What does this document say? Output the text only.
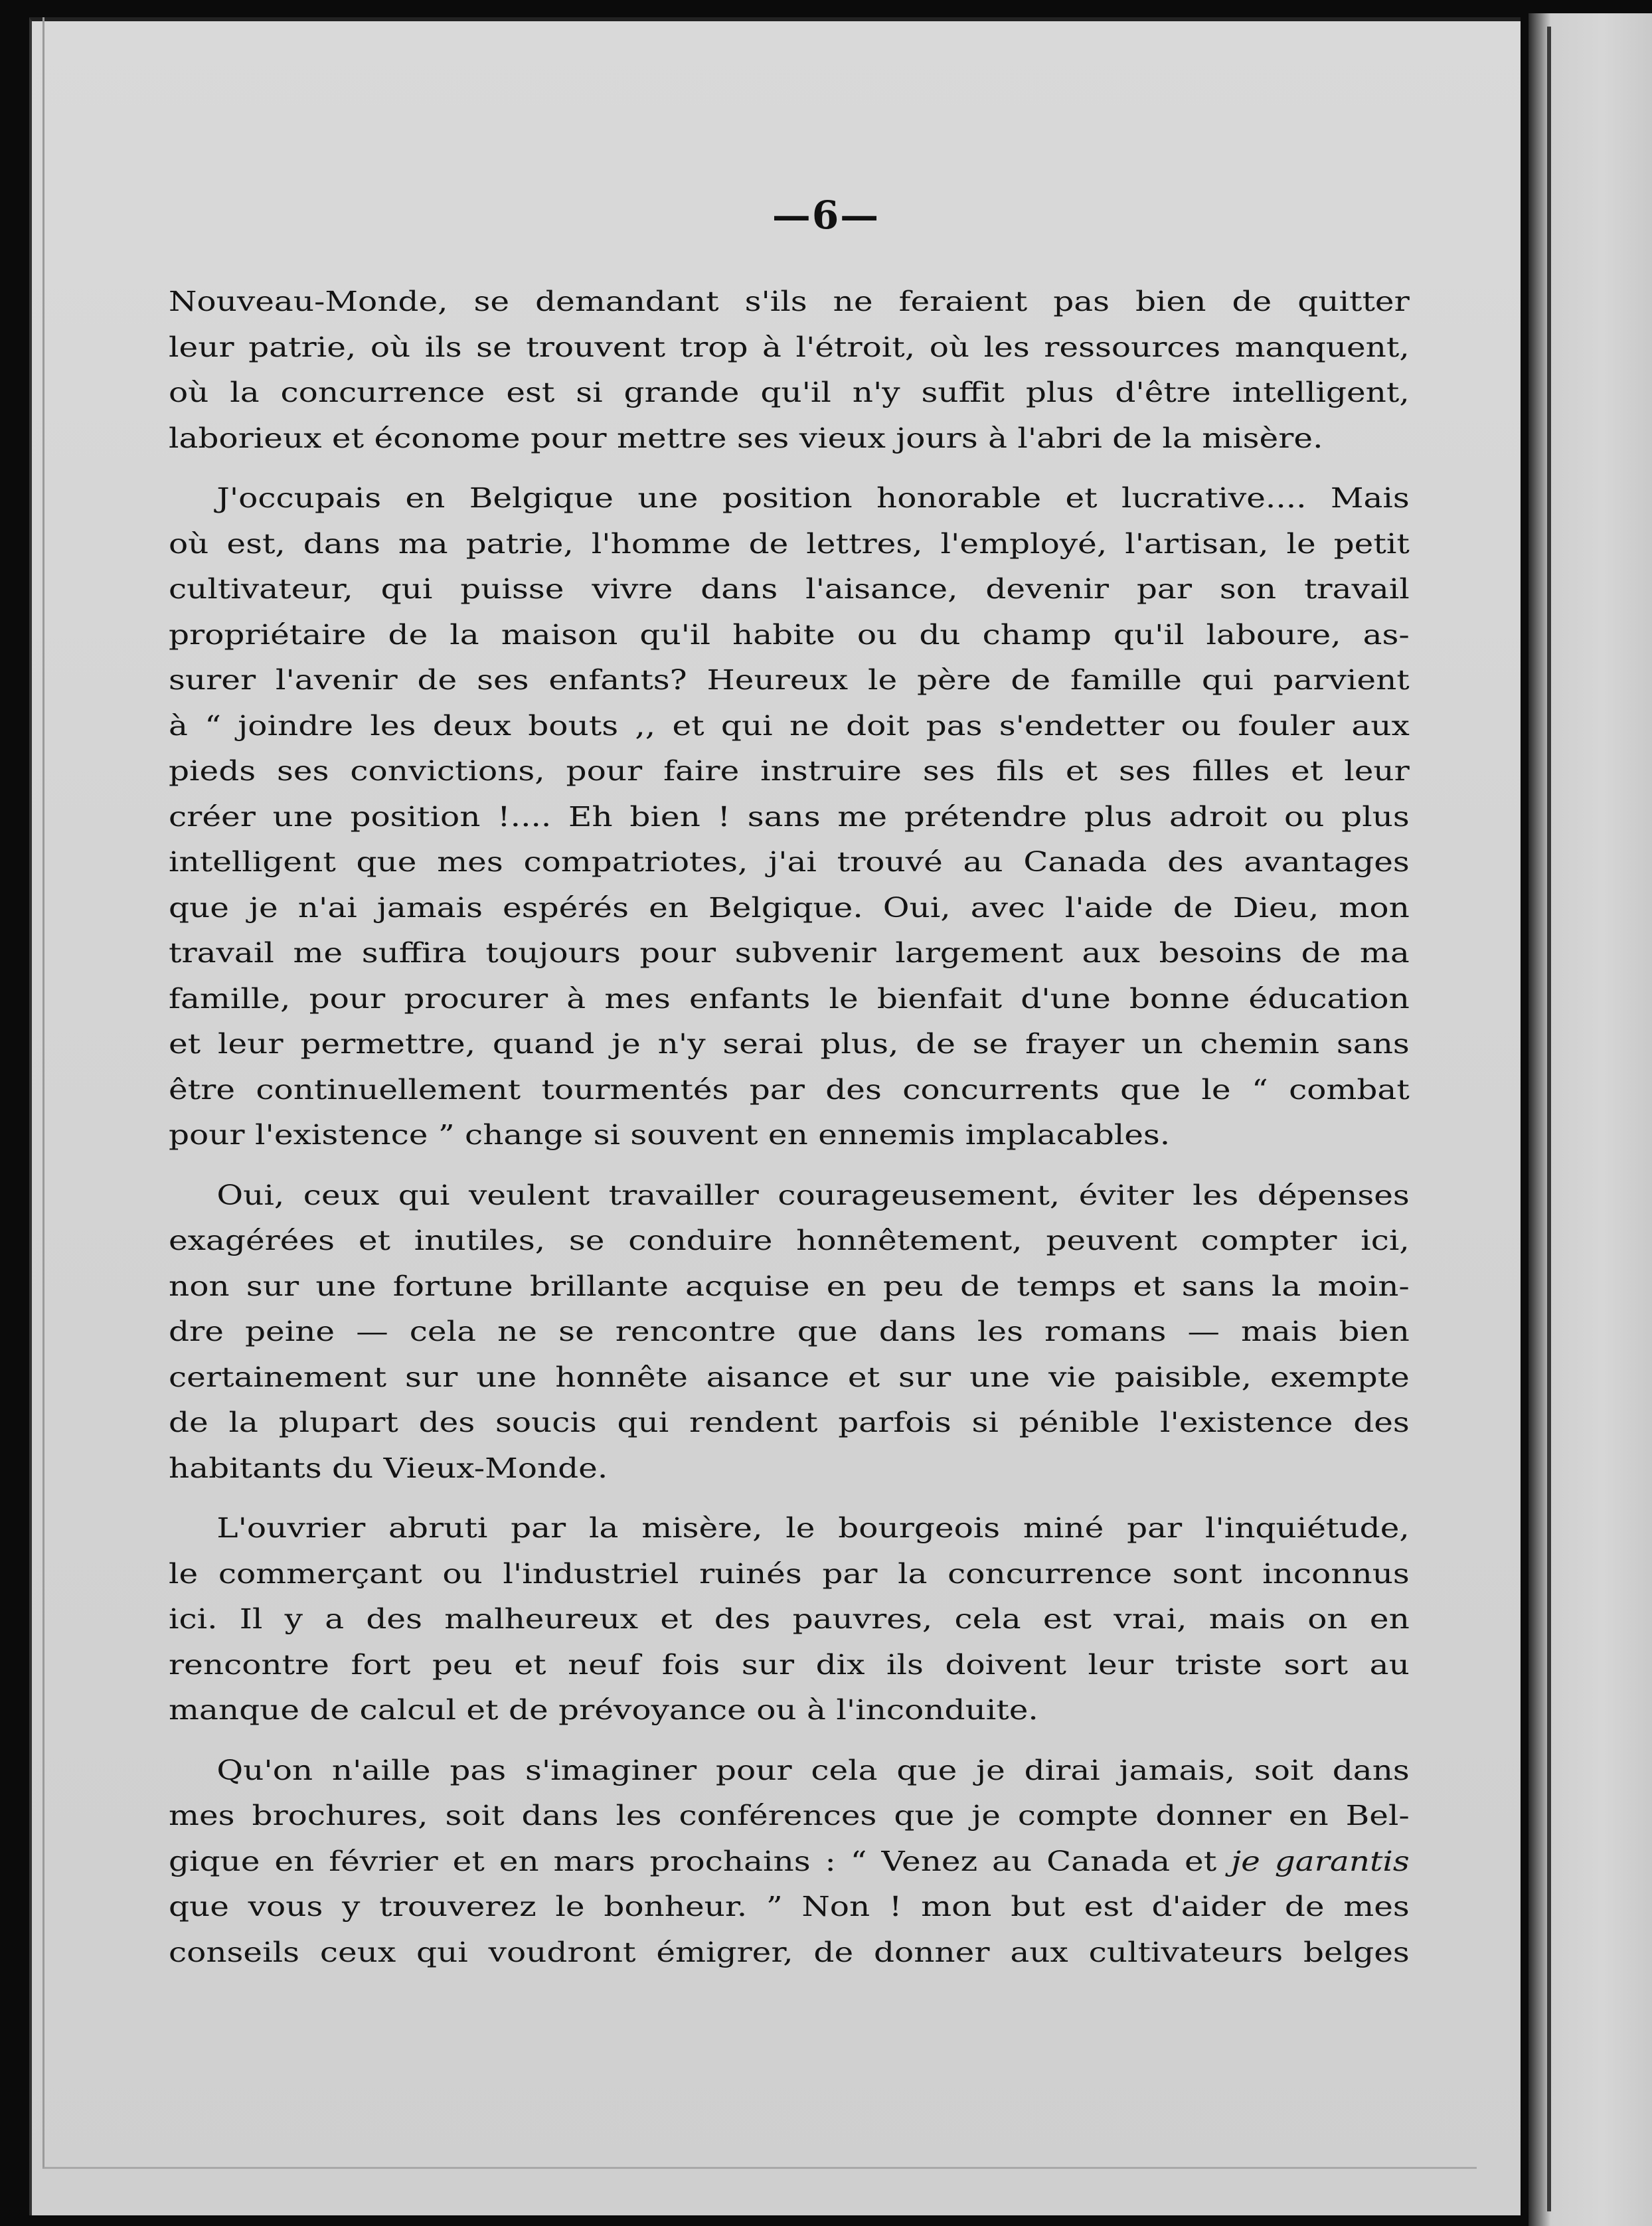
—6—
Nouveau-Monde, se demandant s'ils ne feraient pas bien de quitter
leur patrie, où ils se trouvent trop à l'étroit, où les ressources manquent,
où la concurrence est si grande qu'il n'y suffit plus d'être intelligent,
laborieux et économe pour mettre ses vieux jours à l'abri de la misère.
J'occupais en Belgique une position honorable et lucrative.... Mais
où est, dans ma patrie, l'homme de lettres, l'employé, l'artisan, le petit
cultivateur, qui puisse vivre dans l'aisance, devenir par son travail
propriétaire de la maison qu'il habite ou du champ qu'il laboure, as-
surer l'avenir de ses enfants? Heureux le père de famille qui parvient
à “ joindre les deux bouts ,, et qui ne doit pas s'endetter ou fouler aux
pieds ses convictions, pour faire instruire ses fils et ses filles et leur
créer une position !.... Eh bien ! sans me prétendre plus adroit ou plus
intelligent que mes compatriotes, j'ai trouvé au Canada des avantages
que je n'ai jamais espérés en Belgique. Oui, avec l'aide de Dieu, mon
travail me suffira toujours pour subvenir largement aux besoins de ma
famille, pour procurer à mes enfants le bienfait d'une bonne éducation
et leur permettre, quand je n'y serai plus, de se frayer un chemin sans
être continuellement tourmentés par des concurrents que le “ combat
pour l'existence ” change si souvent en ennemis implacables.
Oui, ceux qui veulent travailler courageusement, éviter les dépenses
exagérées et inutiles, se conduire honnêtement, peuvent compter ici,
non sur une fortune brillante acquise en peu de temps et sans la moin-
dre peine — cela ne se rencontre que dans les romans — mais bien
certainement sur une honnête aisance et sur une vie paisible, exempte
de la plupart des soucis qui rendent parfois si pénible l'existence des
habitants du Vieux-Monde.
L'ouvrier abruti par la misère, le bourgeois miné par l'inquiétude,
le commerçant ou l'industriel ruinés par la concurrence sont inconnus
ici. Il y a des malheureux et des pauvres, cela est vrai, mais on en
rencontre fort peu et neuf fois sur dix ils doivent leur triste sort au
manque de calcul et de prévoyance ou à l'inconduite.
Qu'on n'aille pas s'imaginer pour cela que je dirai jamais, soit dans
mes brochures, soit dans les conférences que je compte donner en Bel-
gique en février et en mars prochains : “ Venez au Canada et je garantis
que vous y trouverez le bonheur. ” Non ! mon but est d'aider de mes
conseils ceux qui voudront émigrer, de donner aux cultivateurs belges
